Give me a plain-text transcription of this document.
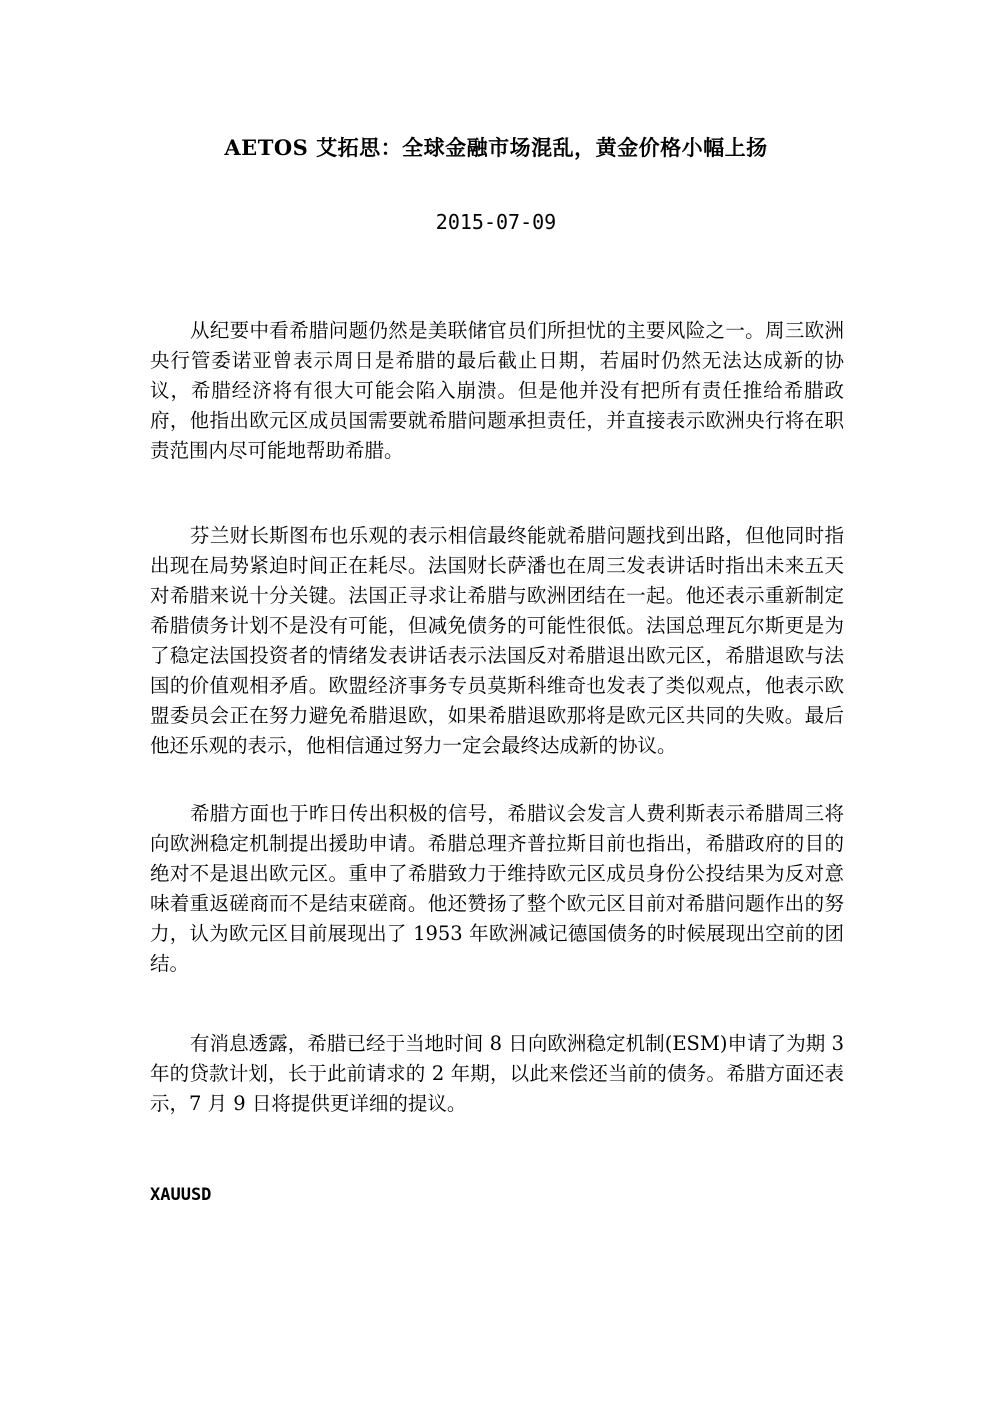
AETOS 艾拓思：全球金融市场混乱，黄金价格小幅上扬
2015-07-09

从纪要中看希腊问题仍然是美联储官员们所担忧的主要风险之一。周三欧洲央行管委诺亚曾表示周日是希腊的最后截止日期，若届时仍然无法达成新的协议，希腊经济将有很大可能会陷入崩溃。但是他并没有把所有责任推给希腊政府，他指出欧元区成员国需要就希腊问题承担责任，并直接表示欧洲央行将在职责范围内尽可能地帮助希腊。

芬兰财长斯图布也乐观的表示相信最终能就希腊问题找到出路，但他同时指出现在局势紧迫时间正在耗尽。法国财长萨潘也在周三发表讲话时指出未来五天对希腊来说十分关键。法国正寻求让希腊与欧洲团结在一起。他还表示重新制定希腊债务计划不是没有可能，但减免债务的可能性很低。法国总理瓦尔斯更是为了稳定法国投资者的情绪发表讲话表示法国反对希腊退出欧元区，希腊退欧与法国的价值观相矛盾。欧盟经济事务专员莫斯科维奇也发表了类似观点，他表示欧盟委员会正在努力避免希腊退欧，如果希腊退欧那将是欧元区共同的失败。最后他还乐观的表示，他相信通过努力一定会最终达成新的协议。

希腊方面也于昨日传出积极的信号，希腊议会发言人费利斯表示希腊周三将向欧洲稳定机制提出援助申请。希腊总理齐普拉斯目前也指出，希腊政府的目的绝对不是退出欧元区。重申了希腊致力于维持欧元区成员身份公投结果为反对意味着重返磋商而不是结束磋商。他还赞扬了整个欧元区目前对希腊问题作出的努力，认为欧元区目前展现出了 1953 年欧洲减记德国债务的时候展现出空前的团结。

有消息透露，希腊已经于当地时间 8 日向欧洲稳定机制(ESM)申请了为期 3 年的贷款计划，长于此前请求的 2 年期，以此来偿还当前的债务。希腊方面还表示，7 月 9 日将提供更详细的提议。

XAUUSD
